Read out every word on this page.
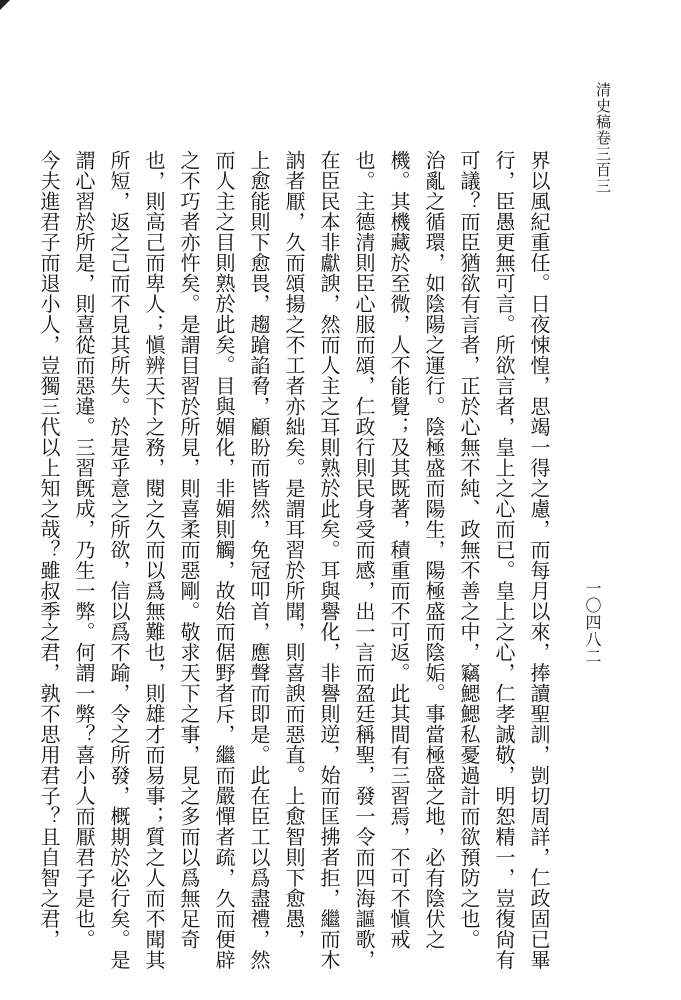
清史稿卷三百三
一〇四八二
界以風紀重任。日夜悚惶，思竭一得之慮，而每月以來，捧讀聖訓，剴切周詳，仁政固已畢
行，臣愚更無可言。所欲言者，皇上之心而已。皇上之心，仁孝誠敬，明恕精一，豈復尙有
可議？而臣猶欲有言者，正於心無不純、政無不善之中，竊鰓鰓私憂過計而欲預防之也。
治亂之循環，如陰陽之運行。陰極盛而陽生，陽極盛而陰姤。事當極盛之地，必有陰伏之
機。其機藏於至微，人不能覺；及其既著，積重而不可返。此其間有三習焉，不可不愼戒
也。主德清則臣心服而頌，仁政行則民身受而感，出一言而盈廷稱聖，發一令而四海謳歌，
在臣民本非獻諛，然而人主之耳則熟於此矣。耳與譽化，非譽則逆，始而匡拂者拒，繼而木
訥者厭，久而頌揚之不工者亦絀矣。是謂耳習於所聞，則喜諛而惡直。上愈智則下愈愚，
上愈能則下愈畏，趨蹌諂脅，顧盼而皆然，免冠叩首，應聲而即是。此在臣工以爲盡禮，然
而人主之目則熟於此矣。目與媚化，非媚則觸，故始而倨野者斥，繼而嚴憚者疏，久而便辟
之不巧者亦忤矣。是謂目習於所見，則喜柔而惡剛。敬求天下之事，見之多而以爲無足奇
也，則高己而卑人；愼辨天下之務，閱之久而以爲無難也，則雄才而易事；質之人而不聞其
所短，返之己而不見其所失。於是乎意之所欲，信以爲不踰，令之所發，概期於必行矣。是
謂心習於所是，則喜從而惡違。三習旣成，乃生一弊。何謂一弊？喜小人而厭君子是也。
今夫進君子而退小人，豈獨三代以上知之哉？雖叔季之君，孰不思用君子？且自智之君，
